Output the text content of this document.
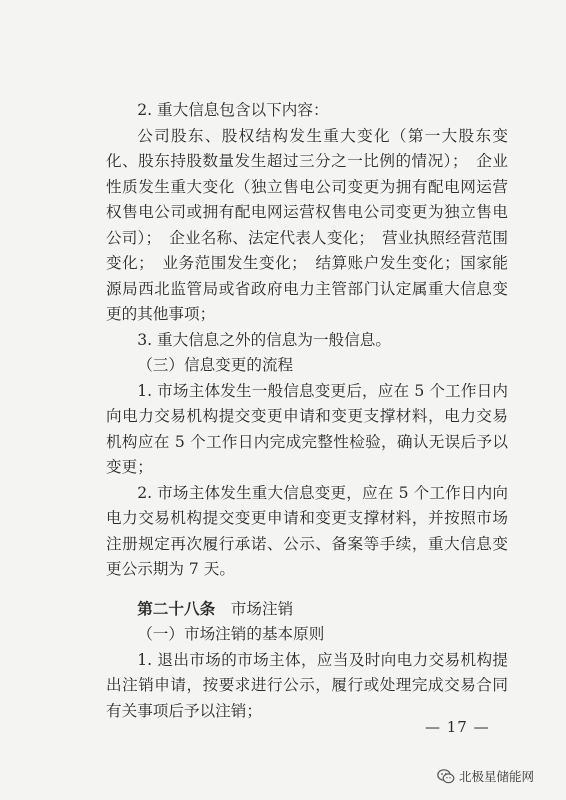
2. 重大信息包含以下内容：

公司股东、股权结构发生重大变化（第一大股东变化、股东持股数量发生超过三分之一比例的情况）；　企业性质发生重大变化（独立售电公司变更为拥有配电网运营权售电公司或拥有配电网运营权售电公司变更为独立售电公司）；　企业名称、法定代表人变化；　营业执照经营范围变化；　业务范围发生变化；　结算账户发生变化；国家能源局西北监管局或省政府电力主管部门认定属重大信息变更的其他事项；

3. 重大信息之外的信息为一般信息。

（三）信息变更的流程

1. 市场主体发生一般信息变更后，应在 5 个工作日内向电力交易机构提交变更申请和变更支撑材料，电力交易机构应在 5 个工作日内完成完整性检验，确认无误后予以变更；

2. 市场主体发生重大信息变更，应在 5 个工作日内向电力交易机构提交变更申请和变更支撑材料，并按照市场注册规定再次履行承诺、公示、备案等手续，重大信息变更公示期为 7 天。

第二十八条　 市场注销

（一）市场注销的基本原则

1. 退出市场的市场主体，应当及时向电力交易机构提出注销申请，按要求进行公示，履行或处理完成交易合同有关事项后予以注销；

— 17 —
北极星储能网
